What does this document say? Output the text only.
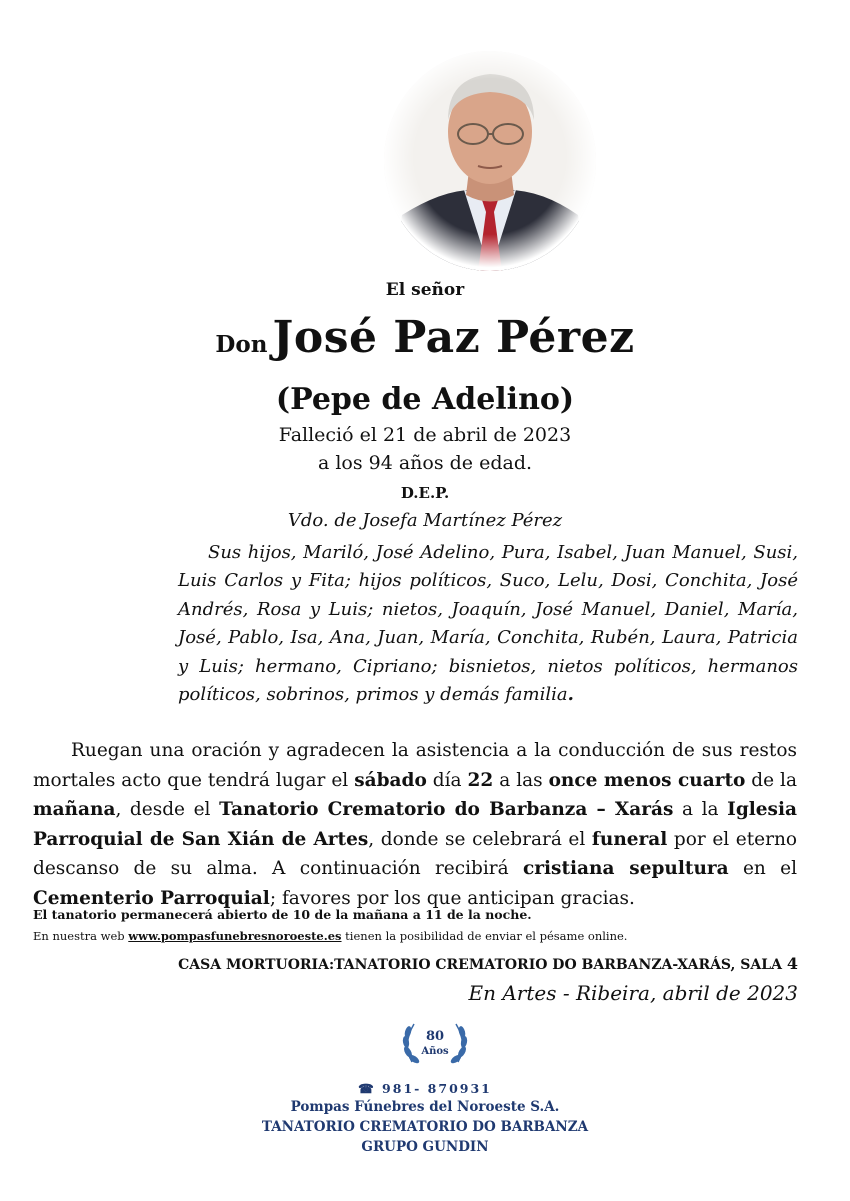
El señor
Don José Paz Pérez
(Pepe de Adelino)
Falleció el 21 de abril de 2023
a los 94 años de edad.
D.E.P.
Vdo. de Josefa Martínez Pérez

Sus hijos, Mariló, José Adelino, Pura, Isabel, Juan Manuel, Susi, Luis Carlos y Fita; hijos políticos, Suco, Lelu, Dosi, Conchita, José Andrés, Rosa y Luis; nietos, Joaquín, José Manuel, Daniel, María, José, Pablo, Isa, Ana, Juan, María, Conchita, Rubén, Laura, Patricia y Luis; hermano, Cipriano; bisnietos, nietos políticos, hermanos políticos, sobrinos, primos y demás familia.

Ruegan una oración y agradecen la asistencia a la conducción de sus restos mortales acto que tendrá lugar el sábado día 22 a las once menos cuarto de la mañana, desde el Tanatorio Crematorio do Barbanza – Xarás a la Iglesia Parroquial de San Xián de Artes, donde se celebrará el funeral por el eterno descanso de su alma. A continuación recibirá cristiana sepultura en el Cementerio Parroquial; favores por los que anticipan gracias.

El tanatorio permanecerá abierto de 10 de la mañana a 11 de la noche.
En nuestra web www.pompasfunebresnoroeste.es tienen la posibilidad de enviar el pésame online.
CASA MORTUORIA:TANATORIO CREMATORIO DO BARBANZA-XARÁS, SALA 4
En Artes - Ribeira, abril de 2023
80
Años
☎ 981- 870931
Pompas Fúnebres del Noroeste S.A.
TANATORIO CREMATORIO DO BARBANZA
GRUPO GUNDIN
